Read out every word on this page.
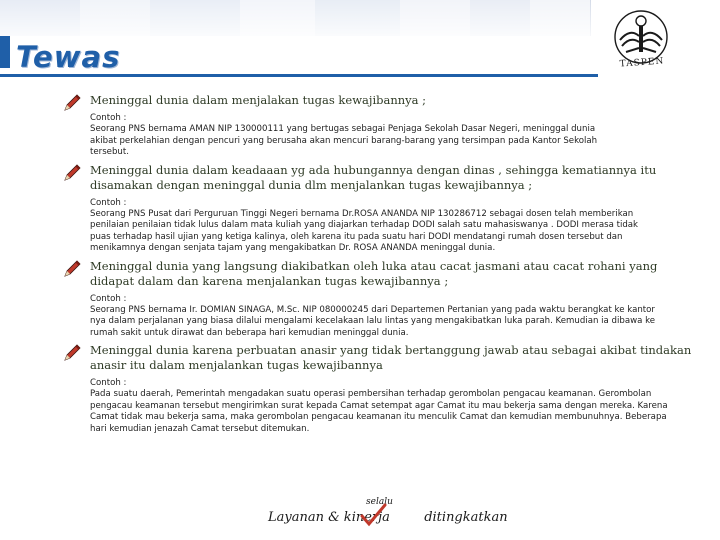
Tewas	TASPEN
Meninggal dunia dalam menjalakan tugas kewajibannya ;
Contoh :
Seorang PNS bernama AMAN NIP 130000111 yang bertugas sebagai Penjaga Sekolah Dasar Negeri, meninggal dunia
akibat perkelahian dengan pencuri yang berusaha akan mencuri barang-barang yang tersimpan pada Kantor Sekolah
tersebut.
Meninggal dunia dalam keadaaan yg ada hubungannya dengan dinas , sehingga kematiannya itu disamakan dengan meninggal dunia dlm menjalankan tugas kewajibannya ;
Contoh :
Seorang PNS Pusat dari Perguruan Tinggi Negeri bernama Dr.ROSA ANANDA NIP 130286712 sebagai dosen telah memberikan
penilaian penilaian tidak lulus dalam mata kuliah yang diajarkan terhadap DODI salah satu mahasiswanya . DODI merasa tidak
puas terhadap hasil ujian yang ketiga kalinya, oleh karena itu pada suatu hari DODI mendatangi rumah dosen tersebut dan
menikamnya dengan senjata tajam yang mengakibatkan Dr. ROSA ANANDA meninggal dunia.
Meninggal dunia yang langsung diakibatkan oleh luka atau cacat jasmani atau cacat rohani yang didapat dalam dan karena menjalankan tugas kewajibannya ;
Contoh :
Seorang PNS bernama Ir. DOMIAN SINAGA, M.Sc. NIP 080000245 dari Departemen Pertanian yang pada waktu berangkat ke kantor
nya dalam perjalanan yang biasa dilalui mengalami kecelakaan lalu lintas yang mengakibatkan luka parah. Kemudian ia dibawa ke
rumah sakit untuk dirawat dan beberapa hari kemudian meninggal dunia.
Meninggal dunia karena perbuatan anasir yang tidak bertanggung jawab atau sebagai akibat tindakan anasir itu dalam menjalankan tugas kewajibannya
Contoh :
Pada suatu daerah, Pemerintah mengadakan suatu operasi pembersihan terhadap gerombolan pengacau keamanan. Gerombolan
pengacau keamanan tersebut mengirimkan surat kepada Camat setempat agar Camat itu mau bekerja sama dengan mereka. Karena
Camat tidak mau bekerja sama, maka gerombolan pengacau keamanan itu menculik Camat dan kemudian membunuhnya. Beberapa
hari kemudian jenazah Camat tersebut ditemukan.
Layanan & kinerja
selalu
ditingkatkan
